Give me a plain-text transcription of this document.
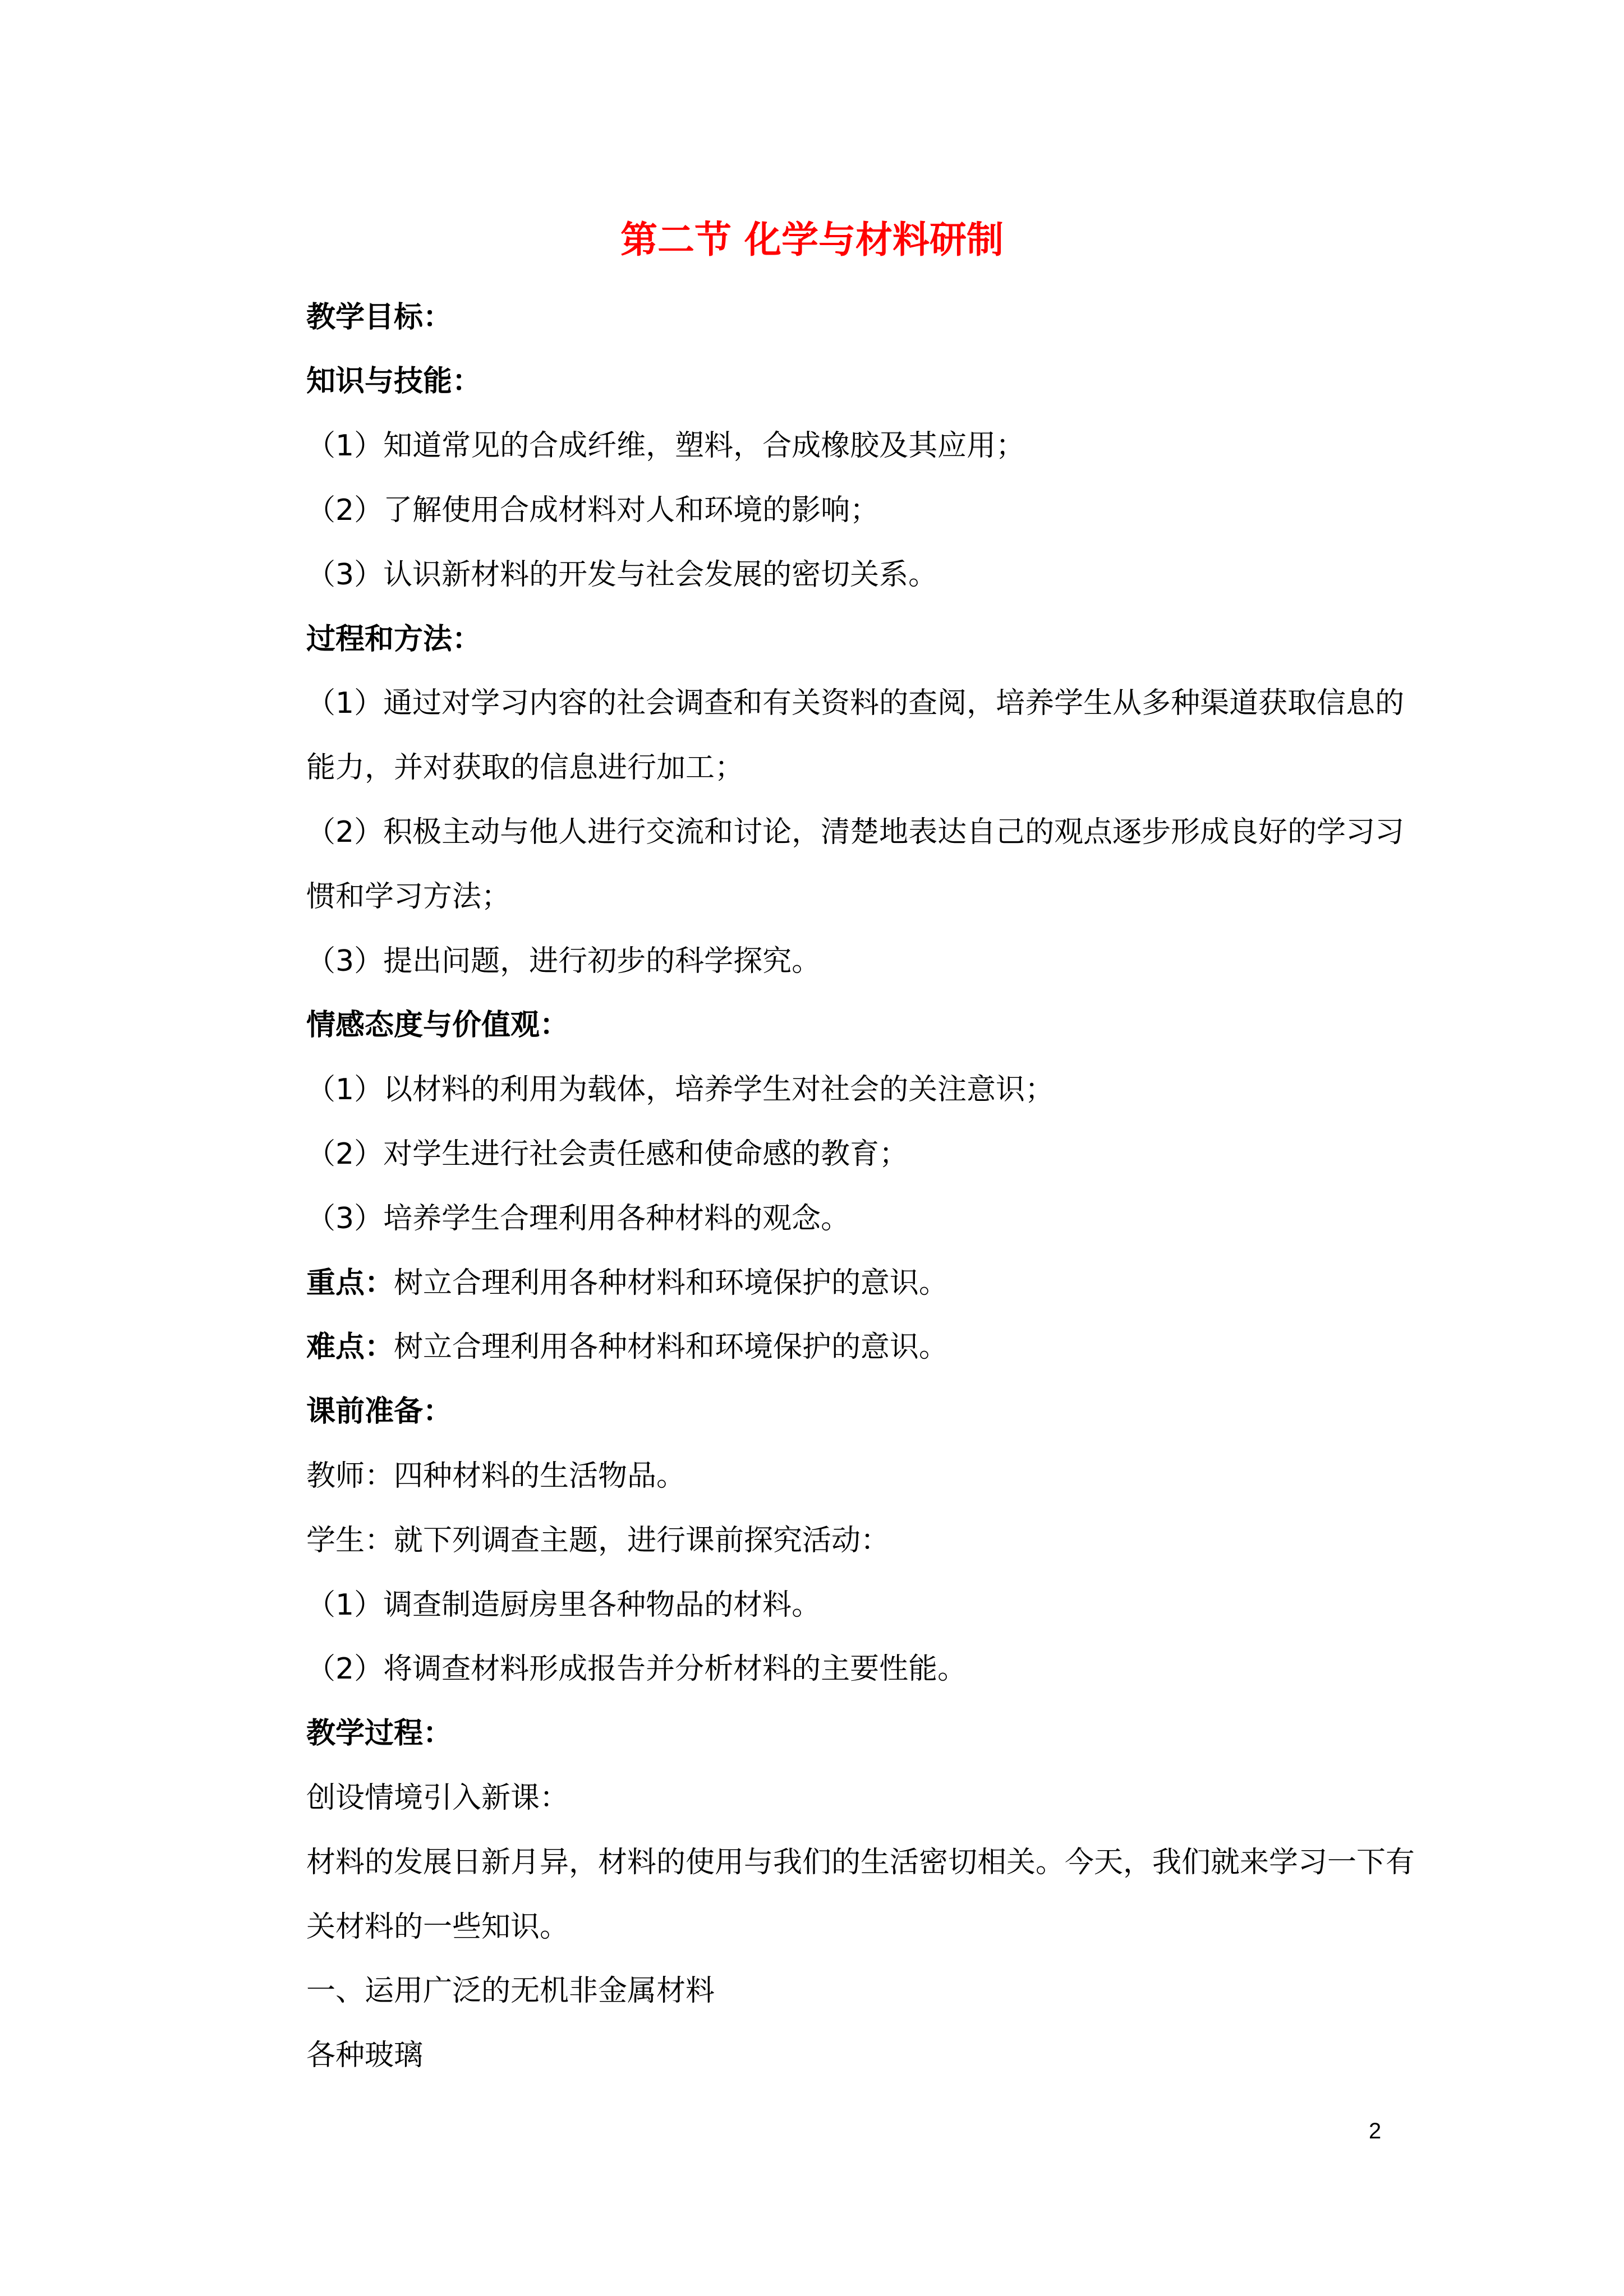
第二节 化学与材料研制
教学目标：
知识与技能：
（1）知道常见的合成纤维，塑料，合成橡胶及其应用；
（2）了解使用合成材料对人和环境的影响；
（3）认识新材料的开发与社会发展的密切关系。
过程和方法：
（1）通过对学习内容的社会调查和有关资料的查阅，培养学生从多种渠道获取信息的
能力，并对获取的信息进行加工；
（2）积极主动与他人进行交流和讨论，清楚地表达自己的观点逐步形成良好的学习习
惯和学习方法；
（3）提出问题，进行初步的科学探究。
情感态度与价值观：
（1）以材料的利用为载体，培养学生对社会的关注意识；
（2）对学生进行社会责任感和使命感的教育；
（3）培养学生合理利用各种材料的观念。
重点：树立合理利用各种材料和环境保护的意识。
难点：树立合理利用各种材料和环境保护的意识。
课前准备：
教师：四种材料的生活物品。
学生：就下列调查主题，进行课前探究活动：
（1）调查制造厨房里各种物品的材料。
（2）将调查材料形成报告并分析材料的主要性能。
教学过程：
创设情境引入新课：
材料的发展日新月异，材料的使用与我们的生活密切相关。今天，我们就来学习一下有
关材料的一些知识。
一、运用广泛的无机非金属材料
各种玻璃
2
